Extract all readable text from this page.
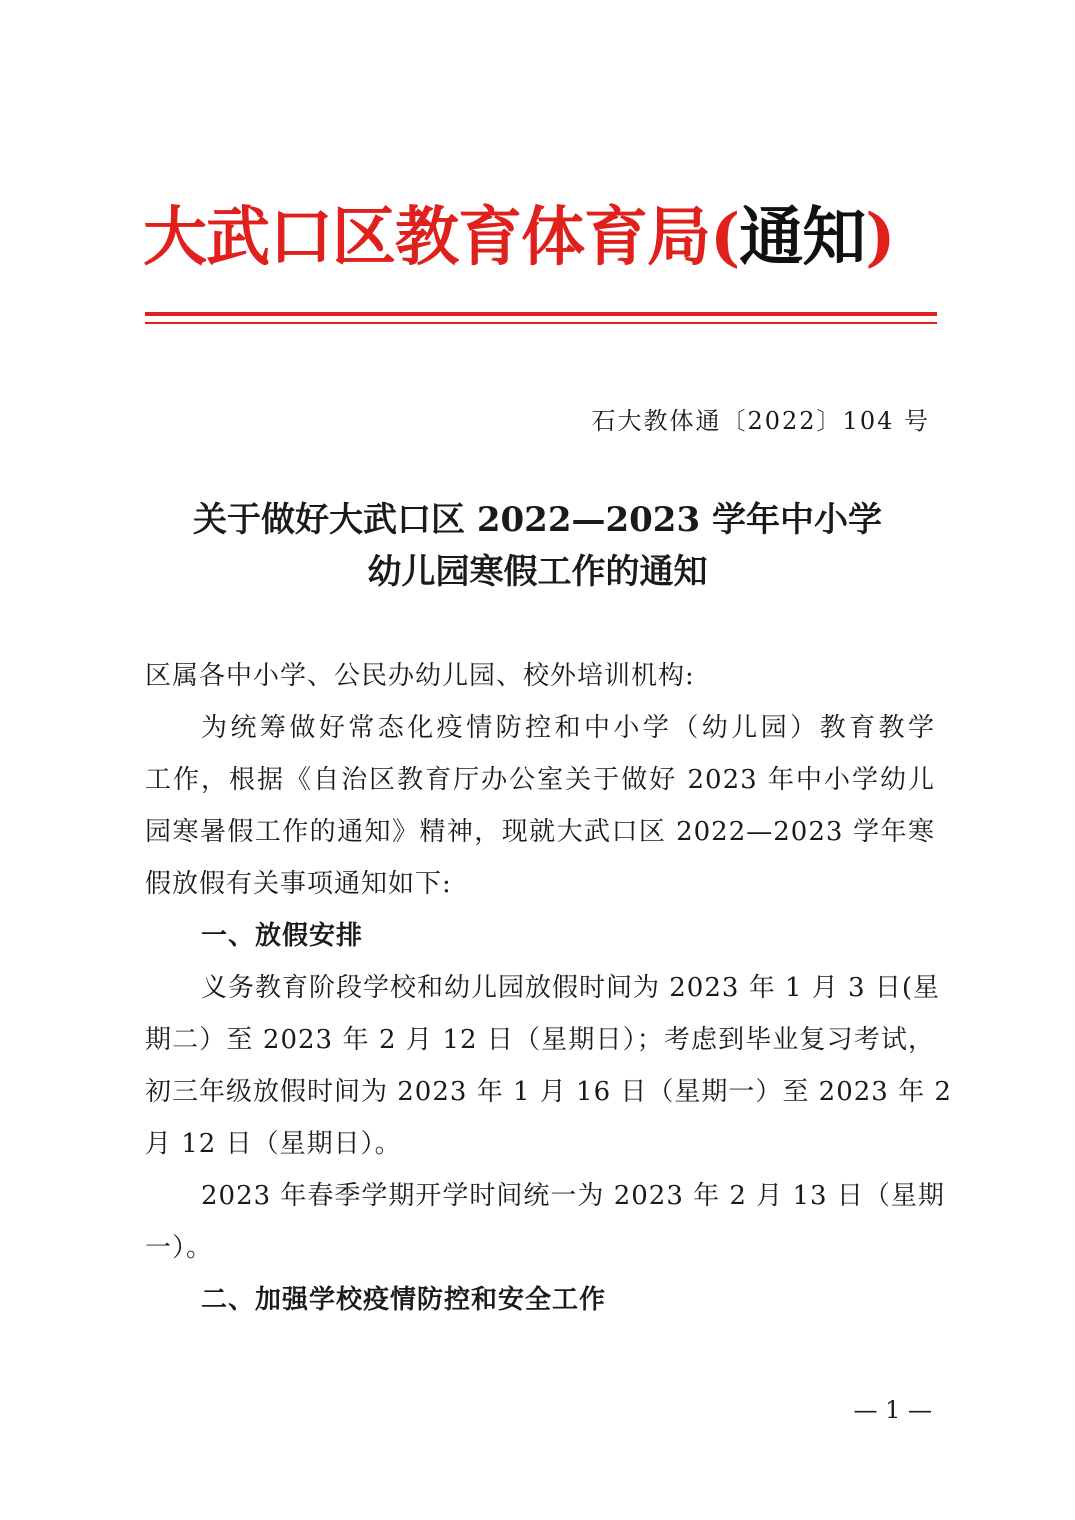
大武口区教育体育局(通知)
石大教体通〔2022〕104 号
关于做好大武口区 2022—2023 学年中小学
幼儿园寒假工作的通知
区属各中小学、公民办幼儿园、校外培训机构:
为统筹做好常态化疫情防控和中小学（幼儿园）教育教学
工作，根据《自治区教育厅办公室关于做好 2023 年中小学幼儿
园寒暑假工作的通知》精神，现就大武口区 2022—2023 学年寒
假放假有关事项通知如下:
一、放假安排
义务教育阶段学校和幼儿园放假时间为 2023 年 1 月 3 日(星
期二）至 2023 年 2 月 12 日（星期日）；考虑到毕业复习考试，
初三年级放假时间为 2023 年 1 月 16 日（星期一）至 2023 年 2
月 12 日（星期日）。
2023 年春季学期开学时间统一为 2023 年 2 月 13 日（星期
一）。
二、加强学校疫情防控和安全工作
— 1 —
